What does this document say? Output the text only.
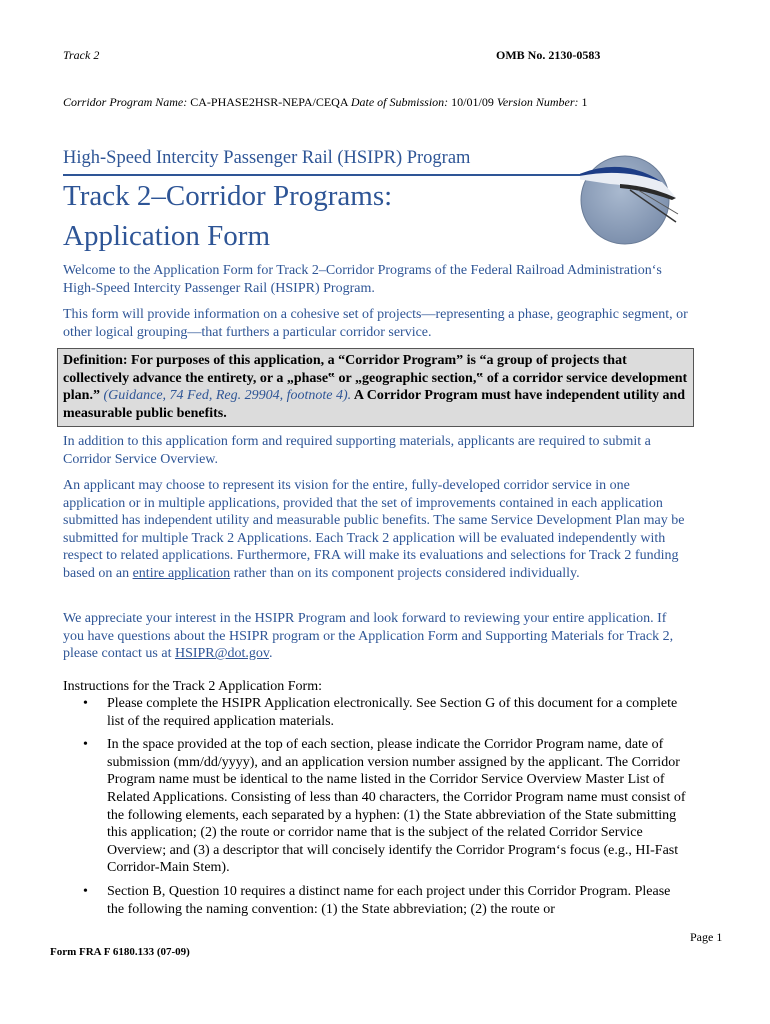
Track 2	OMB No. 2130-0583
Corridor Program Name: CA-PHASE2HSR-NEPA/CEQA Date of Submission: 10/01/09 Version Number: 1
High-Speed Intercity Passenger Rail (HSIPR) Program
Track 2–Corridor Programs:
Application Form
Welcome to the Application Form for Track 2–Corridor Programs of the Federal Railroad Administration‘s High-Speed Intercity Passenger Rail (HSIPR) Program.
This form will provide information on a cohesive set of projects—representing a phase, geographic segment, or other logical grouping—that furthers a particular corridor service.
Definition: For purposes of this application, a “Corridor Program” is “a group of projects that collectively advance the entirety, or a „phase‟ or „geographic section,‟ of a corridor service development plan.” (Guidance, 74 Fed, Reg. 29904, footnote 4). A Corridor Program must have independent utility and measurable public benefits.
In addition to this application form and required supporting materials, applicants are required to submit a Corridor Service Overview.
An applicant may choose to represent its vision for the entire, fully-developed corridor service in one application or in multiple applications, provided that the set of improvements contained in each application submitted has independent utility and measurable public benefits. The same Service Development Plan may be submitted for multiple Track 2 Applications. Each Track 2 application will be evaluated independently with respect to related applications. Furthermore, FRA will make its evaluations and selections for Track 2 funding based on an entire application rather than on its component projects considered individually.
We appreciate your interest in the HSIPR Program and look forward to reviewing your entire application. If you have questions about the HSIPR program or the Application Form and Supporting Materials for Track 2, please contact us at HSIPR@dot.gov.
Instructions for the Track 2 Application Form:
• Please complete the HSIPR Application electronically. See Section G of this document for a complete list of the required application materials.
• In the space provided at the top of each section, please indicate the Corridor Program name, date of submission (mm/dd/yyyy), and an application version number assigned by the applicant. The Corridor Program name must be identical to the name listed in the Corridor Service Overview Master List of Related Applications. Consisting of less than 40 characters, the Corridor Program name must consist of the following elements, each separated by a hyphen: (1) the State abbreviation of the State submitting this application; (2) the route or corridor name that is the subject of the related Corridor Service Overview; and (3) a descriptor that will concisely identify the Corridor Program‘s focus (e.g., HI-Fast Corridor-Main Stem).
• Section B, Question 10 requires a distinct name for each project under this Corridor Program. Please the following the naming convention: (1) the State abbreviation; (2) the route or
Page 1
Form FRA F 6180.133 (07-09)
